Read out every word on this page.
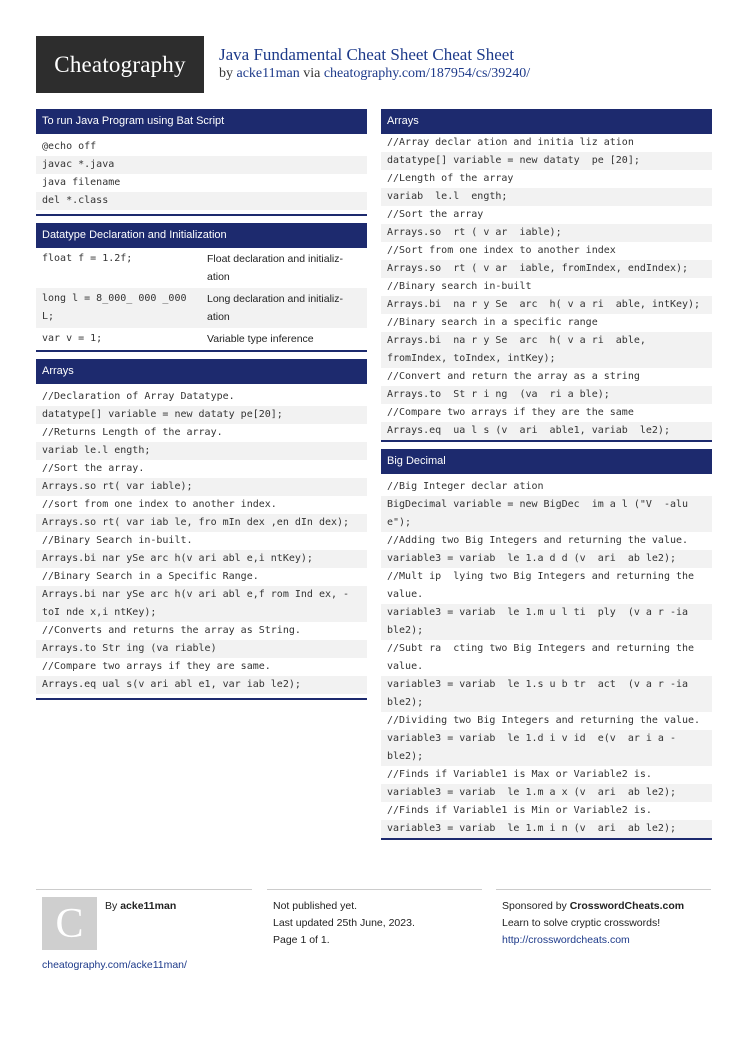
Cheatography Java Fundamental Cheat Sheet Cheat Sheet
by acke11man via cheatography.com/187954/cs/39240/
To run Java Program using Bat Script
@echo off
javac *.java
java filename
del *.class
Datatype Declaration and Initialization
float f = 1.2f;	Float declaration and initializ-ation
long l = 8_000_ 000 _000 L;
Long declaration and initializ-ation
var v = 1;	Variable type inference
Arrays
//Declaration of Array Datatype.
datatype[] variable = new dataty pe[20];
//Returns Length of the array.
variab le.l ength;
//Sort the array.
Arrays.so rt( var iable);
//sort from one index to another index.
Arrays.so rt( var iab le, fro mIn dex ,en dIn dex);
//Binary Search in-built.
Arrays.bi nar ySe arc h(v ari abl e,i ntKey);
//Binary Search in a Specific Range.
Arrays.bi nar ySe arc h(v ari abl e,f rom Ind ex, -toI nde x,i ntKey);
//Converts and returns the array as String.
Arrays.to Str ing (va riable)
//Compare two arrays if they are same.
Arrays.eq ual s(v ari abl e1, var iab le2);
Arrays
//Array declar ation and initia liz ation
datatype[] variable = new dataty  pe [20];
//Length of the array
variab  le.l  ength;
//Sort the array
Arrays.so  rt ( v ar  iable);
//Sort from one index to another index
Arrays.so  rt ( v ar  iable, fromIndex, endIndex);
//Binary search in-built
Arrays.bi  na r y Se  arc  h( v a ri  able, intKey);
//Binary search in a specific range
Arrays.bi  na r y Se  arc  h( v a ri  able, fromIndex, toIndex, intKey);
//Convert and return the array as a string
Arrays.to  St r i ng  (va  ri a ble);
//Compare two arrays if they are the same
Arrays.eq  ua l s (v  ari  able1, variab  le2);
Big Decimal
//Big Integer declar ation
BigDecimal variable = new BigDec  im a l ("V  -alu  e");
//Adding two Big Integers and returning the value.
variable3 = variab  le 1.a d d (v  ari  ab le2);
//Mult ip  lying two Big Integers and returning the value.
variable3 = variab  le 1.m u l ti  ply  (v a r -ia  ble2);
//Subt ra  cting two Big Integers and returning the value.
variable3 = variab  le 1.s u b tr  act  (v a r -ia  ble2);
//Dividing two Big Integers and returning the value.
variable3 = variab  le 1.d i v id  e(v  ar i a -ble2);
//Finds if Variable1 is Max or Variable2 is.
variable3 = variab  le 1.m a x (v  ari  ab le2);
//Finds if Variable1 is Min or Variable2 is.
variable3 = variab  le 1.m i n (v  ari  ab le2);
C By acke11man
cheatography.com/acke11man/
Not published yet.
Last updated 25th June, 2023.
Page 1 of 1.
Sponsored by CrosswordCheats.com
Learn to solve cryptic crosswords!
http://crosswordcheats.com
